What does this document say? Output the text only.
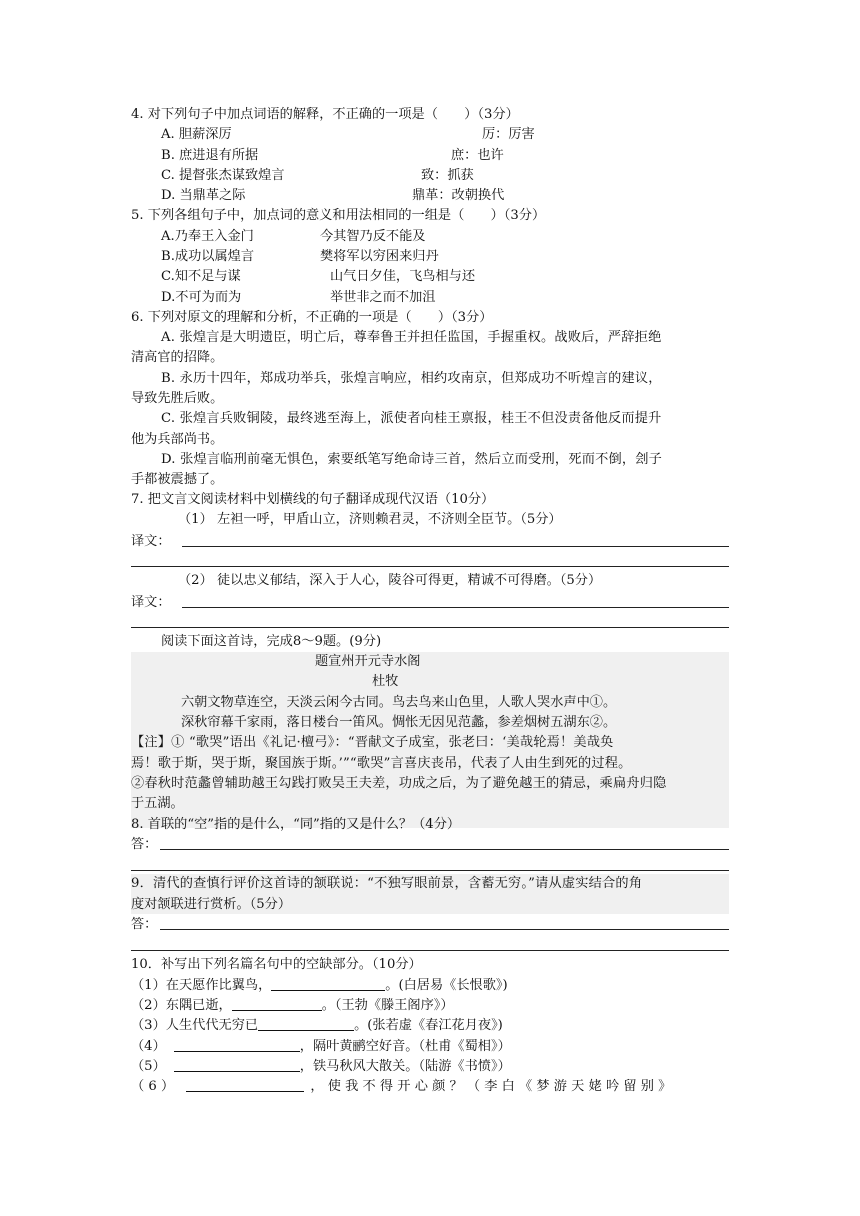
4. 对下列句子中加点词语的解释，不正确的一项是（　　）（3分）
A. 胆薪深厉	厉：厉害
B. 庶进退有所据	庶：也许
C. 提督张杰谋致煌言	致：抓获
D. 当鼎革之际	鼎革：改朝换代
5. 下列各组句子中，加点词的意义和用法相同的一组是（　　）（3分）
A.乃奉王入金门	今其智乃反不能及
B.成功以属煌言	樊将军以穷困来归丹
C.知不足与谋	山气日夕佳，飞鸟相与还
D.不可为而为	举世非之而不加沮
6. 下列对原文的理解和分析，不正确的一项是（　　）（3分）
A. 张煌言是大明遗臣，明亡后，尊奉鲁王并担任监国，手握重权。战败后，严辞拒绝
清高官的招降。
B. 永历十四年，郑成功举兵，张煌言响应，相约攻南京，但郑成功不听煌言的建议，
导致先胜后败。
C. 张煌言兵败铜陵，最终逃至海上，派使者向桂王禀报，桂王不但没责备他反而提升
他为兵部尚书。
D. 张煌言临刑前毫无惧色，索要纸笔写绝命诗三首，然后立而受刑，死而不倒，刽子
手都被震撼了。
7. 把文言文阅读材料中划横线的句子翻译成现代汉语（10分）
（1） 左袒一呼，甲盾山立，济则赖君灵，不济则全臣节。（5分）
译文：
（2） 徒以忠义郁结，深入于人心，陵谷可得更，精诚不可得磨。（5分）
译文：
阅读下面这首诗，完成8～9题。(9分)
题宣州开元寺水阁
杜牧
六朝文物草连空，天淡云闲今古同。鸟去鸟来山色里，人歌人哭水声中①。
深秋帘幕千家雨，落日楼台一笛风。惆怅无因见范蠡，参差烟树五湖东②。
【注】① “歌哭”语出《礼记·檀弓》：“晋献文子成室，张老曰：‘美哉轮焉！美哉奂
焉！歌于斯，哭于斯，聚国族于斯。’”“歌哭”言喜庆丧吊，代表了人由生到死的过程。
②春秋时范蠡曾辅助越王勾践打败吴王夫差，功成之后，为了避免越王的猜忌，乘扁舟归隐
于五湖。
8. 首联的“空”指的是什么，“同”指的又是什么？（4分）
答：
9．清代的查慎行评价这首诗的颔联说：“不独写眼前景，含蓄无穷。”请从虚实结合的角
度对颔联进行赏析。（5分）
答：
10．补写出下列名篇名句中的空缺部分。（10分）
（1）在天愿作比翼鸟，	。(白居易《长恨歌》)
（2）东隅已逝，	。（王勃《滕王阁序》）
（3）人生代代无穷已	。(张若虚《春江花月夜》)
（4）	，隔叶黄鹂空好音。（杜甫《蜀相》）
（5）	，铁马秋风大散关。（陆游《书愤》）
（6）	，使我不得开心颜？（李白《梦游天姥吟留别》
